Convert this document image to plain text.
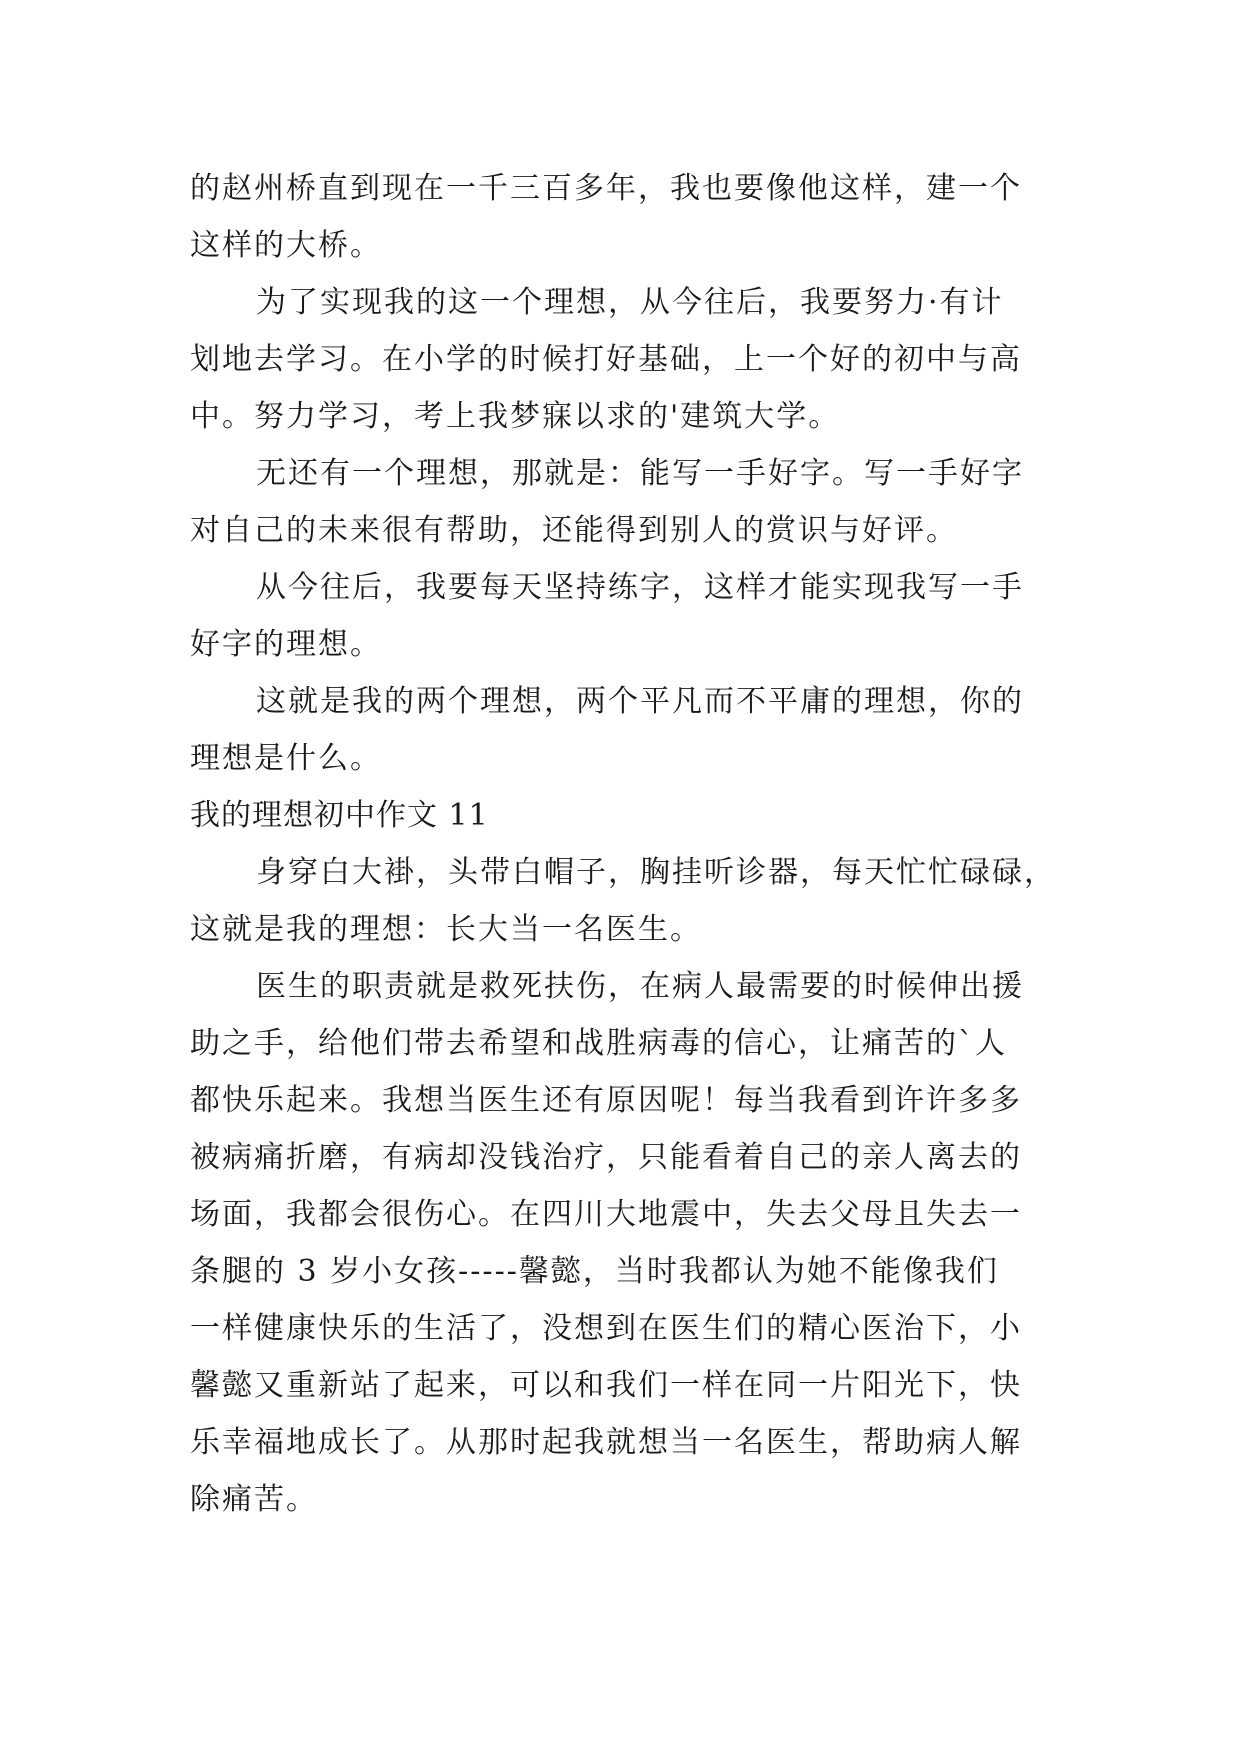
的赵州桥直到现在一千三百多年，我也要像他这样，建一个
这样的大桥。

为了实现我的这一个理想，从今往后，我要努力·有计
划地去学习。在小学的时候打好基础，上一个好的初中与高
中。努力学习，考上我梦寐以求的'建筑大学。

无还有一个理想，那就是：能写一手好字。写一手好字
对自己的未来很有帮助，还能得到别人的赏识与好评。

从今往后，我要每天坚持练字，这样才能实现我写一手
好字的理想。

这就是我的两个理想，两个平凡而不平庸的理想，你的
理想是什么。

我的理想初中作文 11

身穿白大褂，头带白帽子，胸挂听诊器，每天忙忙碌碌，
这就是我的理想：长大当一名医生。

医生的职责就是救死扶伤，在病人最需要的时候伸出援
助之手，给他们带去希望和战胜病毒的信心，让痛苦的`人
都快乐起来。我想当医生还有原因呢！每当我看到许许多多
被病痛折磨，有病却没钱治疗，只能看着自己的亲人离去的
场面，我都会很伤心。在四川大地震中，失去父母且失去一
条腿的 3 岁小女孩-----馨懿，当时我都认为她不能像我们
一样健康快乐的生活了，没想到在医生们的精心医治下，小
馨懿又重新站了起来，可以和我们一样在同一片阳光下，快
乐幸福地成长了。从那时起我就想当一名医生，帮助病人解
除痛苦。
